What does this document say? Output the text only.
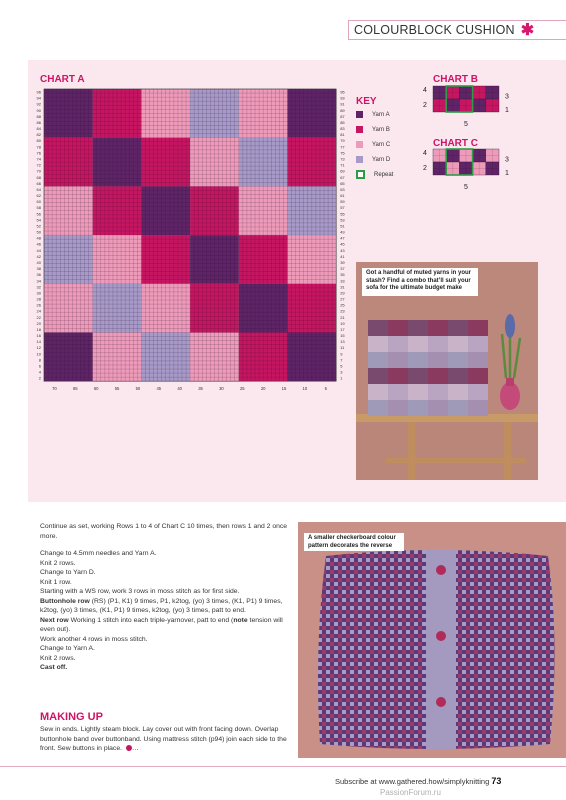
COLOURBLOCK CUSHION ✱
CHART A
95
93
91
89
87
85
83
81
79
77
75
73
71
69
67
65
63
61
59
57
55
53
51
49
47
45
43
41
39
37
35
33
31
29
27
25
23
21
19
17
15
13
11
9
7
5
3
1
96
94
92
90
88
86
84
82
80
78
76
74
72
70
68
66
64
62
60
58
56
54
52
50
48
46
44
42
40
38
36
34
32
30
28
26
24
22
20
18
16
14
12
10
8
6
4
2
70	65	60	55	50	45	40	35	30	25	20	15	10	5
KEY
Yarn A
Yarn B
Yarn C
Yarn D
Repeat
CHART B
4
2
3
1
5
CHART C
4
2
3
1
5
Got a handful of muted yarns in your stash? Find a combo that’ll suit your sofa for the ultimate budget make

Continue as set, working Rows 1 to 4 of Chart C 10 times, then rows 1 and 2 once more.

Change to 4.5mm needles and Yarn A.

Knit 2 rows.

Change to Yarn D.

Knit 1 row.

Starting with a WS row, work 3 rows in moss stitch as for first side.

Buttonhole row (RS) (P1, K1) 9 times, P1, k2tog, (yo) 3 times, (K1, P1) 9 times, k2tog, (yo) 3 times, (K1, P1) 9 times, k2tog, (yo) 3 times, patt to end.

Next row Working 1 stitch into each triple-yarnover, patt to end (note tension will even out).

Work another 4 rows in moss stitch.

Change to Yarn A.

Knit 2 rows.

Cast off.

MAKING UP
Sew in ends. Lightly steam block. Lay cover out with front facing down. Overlap buttonhole band over buttonband. Using mattress stitch (p94) join each side to the front. Sew buttons in place. …
A smaller checkerboard colour pattern decorates the reverse
Subscribe at www.gathered.how/simplyknitting 73
PassionForum.ru
